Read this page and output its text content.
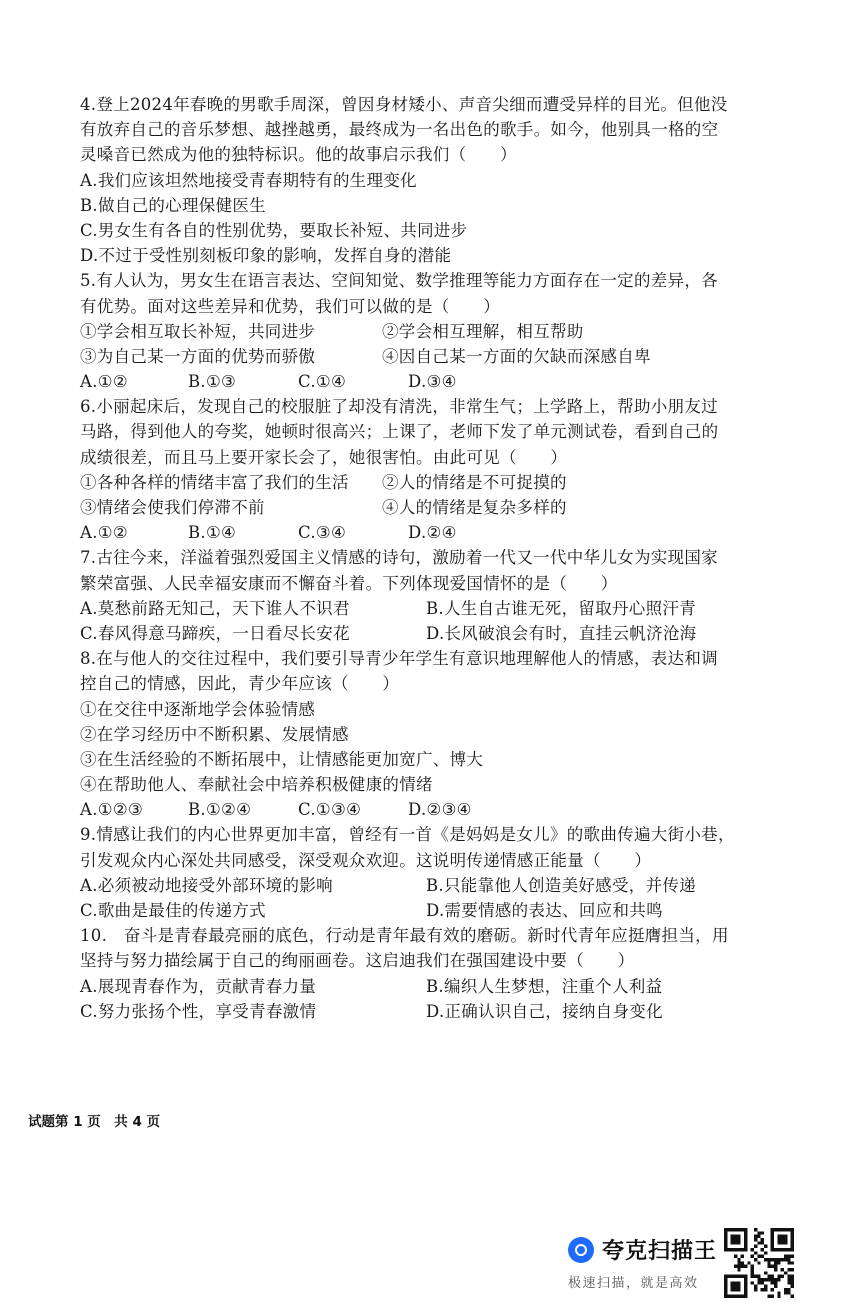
4.登上2024年春晚的男歌手周深，曾因身材矮小、声音尖细而遭受异样的目光。但他没
有放弃自己的音乐梦想、越挫越勇，最终成为一名出色的歌手。如今，他别具一格的空
灵嗓音已然成为他的独特标识。他的故事启示我们（　　）
A.我们应该坦然地接受青春期特有的生理变化
B.做自己的心理保健医生
C.男女生有各自的性别优势，要取长补短、共同进步
D.不过于受性别刻板印象的影响，发挥自身的潜能
5.有人认为，男女生在语言表达、空间知觉、数学推理等能力方面存在一定的差异，各
有优势。面对这些差异和优势，我们可以做的是（　　）
①学会相互取长补短，共同进步	②学会相互理解，相互帮助
③为自己某一方面的优势而骄傲	④因自己某一方面的欠缺而深感自卑
A.①②	B.①③	C.①④	D.③④
6.小丽起床后，发现自己的校服脏了却没有清洗，非常生气；上学路上，帮助小朋友过
马路，得到他人的夸奖，她顿时很高兴；上课了，老师下发了单元测试卷，看到自己的
成绩很差，而且马上要开家长会了，她很害怕。由此可见（　　）
①各种各样的情绪丰富了我们的生活 ②人的情绪是不可捉摸的
③情绪会使我们停滞不前	④人的情绪是复杂多样的
A.①②	B.①④	C.③④	D.②④
7.古往今来，洋溢着强烈爱国主义情感的诗句，激励着一代又一代中华儿女为实现国家
繁荣富强、人民幸福安康而不懈奋斗着。下列体现爱国情怀的是（　　）
A.莫愁前路无知己，天下谁人不识君	B.人生自古谁无死，留取丹心照汗青
C.春风得意马蹄疾，一日看尽长安花	D.长风破浪会有时，直挂云帆济沧海
8.在与他人的交往过程中，我们要引导青少年学生有意识地理解他人的情感，表达和调
控自己的情感，因此，青少年应该（　　）
①在交往中逐渐地学会体验情感
②在学习经历中不断积累、发展情感
③在生活经验的不断拓展中，让情感能更加宽广、博大
④在帮助他人、奉献社会中培养积极健康的情绪
A.①②③	B.①②④	C.①③④	D.②③④
9.情感让我们的内心世界更加丰富，曾经有一首《是妈妈是女儿》的歌曲传遍大街小巷，
引发观众内心深处共同感受，深受观众欢迎。这说明传递情感正能量（　　）
A.必须被动地接受外部环境的影响	B.只能靠他人创造美好感受，并传递
C.歌曲是最佳的传递方式	D.需要情感的表达、回应和共鸣
10.　奋斗是青春最亮丽的底色，行动是青年最有效的磨砺。新时代青年应挺膺担当，用
坚持与努力描绘属于自己的绚丽画卷。这启迪我们在强国建设中要（　　）
A.展现青春作为，贡献青春力量	B.编织人生梦想，注重个人利益
C.努力张扬个性，享受青春激情	D.正确认识自己，接纳自身变化
试题第 1 页　共 4 页
夸克扫描王
极速扫描，就是高效
